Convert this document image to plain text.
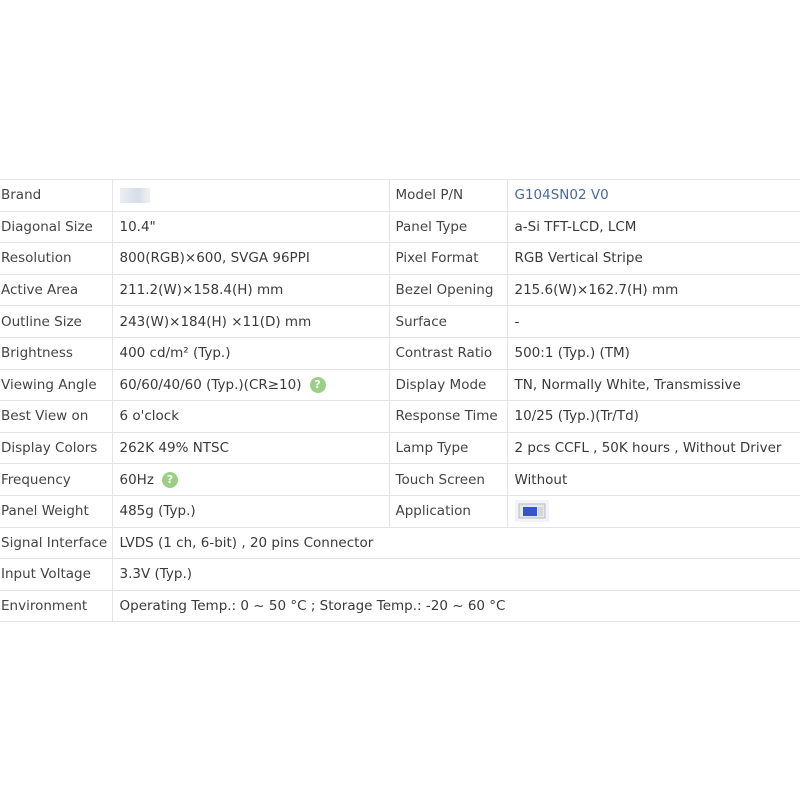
Brand		Model P/N	G104SN02 V0
Diagonal Size	10.4"	Panel Type	a-Si TFT-LCD, LCM
Resolution	800(RGB)×600, SVGA 96PPI	Pixel Format	RGB Vertical Stripe
Active Area	211.2(W)×158.4(H) mm	Bezel Opening	215.6(W)×162.7(H) mm
Outline Size	243(W)×184(H) ×11(D) mm	Surface	-
Brightness	400 cd/m² (Typ.)	Contrast Ratio	500:1 (Typ.) (TM)
Viewing Angle	60/60/40/60 (Typ.)(CR≥10) ?	Display Mode	TN, Normally White, Transmissive
Best View on	6 o'clock	Response Time	10/25 (Typ.)(Tr/Td)
Display Colors	262K 49% NTSC	Lamp Type	2 pcs CCFL , 50K hours , Without Driver
Frequency	60Hz ?	Touch Screen	Without
Panel Weight	485g (Typ.)	Application	
Signal Interface	LVDS (1 ch, 6-bit) , 20 pins Connector		
Input Voltage	3.3V (Typ.)		
Environment	Operating Temp.: 0 ~ 50 °C ; Storage Temp.: -20 ~ 60 °C		
